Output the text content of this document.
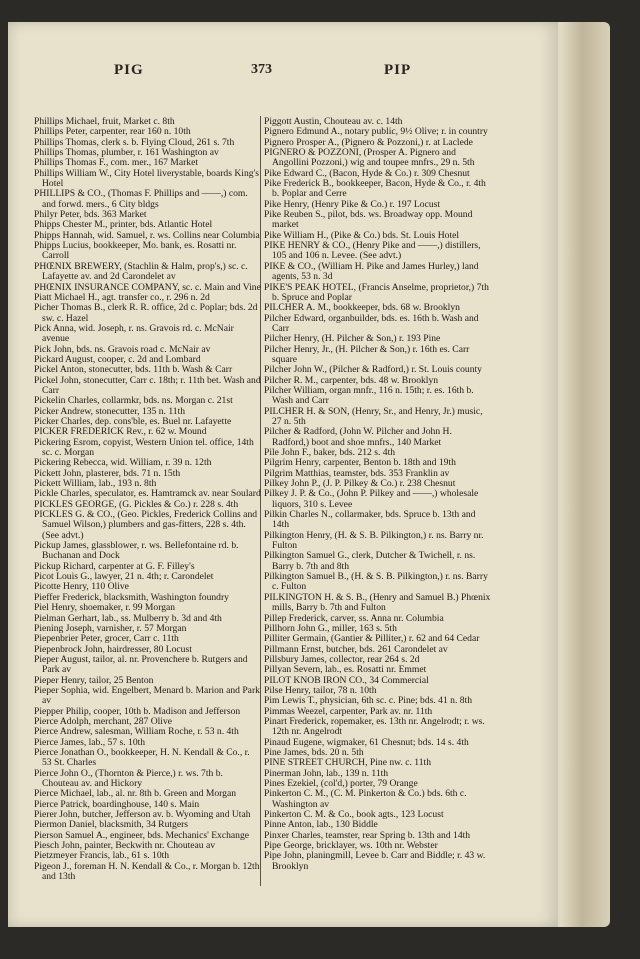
PIG	373	PIP
Phillips Michael, fruit, Market c. 8th
Phillips Peter, carpenter, rear 160 n. 10th
Phillips Thomas, clerk s. b. Flying Cloud, 261 s. 7th
Phillips Thomas, plumber, r. 161 Washington av
Phillips Thomas F., com. mer., 167 Market
Phillips William W., City Hotel liverystable, boards King's Hotel
PHILLIPS & CO., (Thomas F. Phillips and ——,) com. and forwd. mers., 6 City bldgs
Philyr Peter, bds. 363 Market
Phipps Chester M., printer, bds. Atlantic Hotel
Phipps Hannah, wid. Samuel, r. ws. Collins near Columbia
Phipps Lucius, bookkeeper, Mo. bank, es. Rosatti nr. Carroll
PHŒNIX BREWERY, (Stachlin & Halm, prop's,) sc. c. Lafayette av. and 2d Carondelet av
PHŒNIX INSURANCE COMPANY, sc. c. Main and Vine
Piatt Michael H., agt. transfer co., r. 296 n. 2d
Picher Thomas B., clerk R. R. office, 2d c. Poplar; bds. 2d sw. c. Hazel
Pick Anna, wid. Joseph, r. ns. Gravois rd. c. McNair avenue
Pick John, bds. ns. Gravois road c. McNair av
Pickard August, cooper, c. 2d and Lombard
Pickel Anton, stonecutter, bds. 11th b. Wash & Carr
Pickel John, stonecutter, Carr c. 18th; r. 11th bet. Wash and Carr
Pickelin Charles, collarmkr, bds. ns. Morgan c. 21st
Picker Andrew, stonecutter, 135 n. 11th
Picker Charles, dep. cons'ble, es. Buel nr. Lafayette
PICKER FREDERICK Rev., r. 62 w. Mound
Pickering Esrom, copyist, Western Union tel. office, 14th sc. c. Morgan
Pickering Rebecca, wid. William, r. 39 n. 12th
Pickett John, plasterer, bds. 71 n. 15th
Pickett William, lab., 193 n. 8th
Pickle Charles, speculator, es. Hamtramck av. near Soulard
PICKLES GEORGE, (G. Pickles & Co.) r. 228 s. 4th
PICKLES G. & CO., (Geo. Pickles, Frederick Collins and Samuel Wilson,) plumbers and gas-fitters, 228 s. 4th. (See advt.)
Pickup James, glassblower, r. ws. Bellefontaine rd. b. Buchanan and Dock
Pickup Richard, carpenter at G. F. Filley's
Picot Louis G., lawyer, 21 n. 4th; r. Carondelet
Picotte Henry, 110 Olive
Pieffer Frederick, blacksmith, Washington foundry
Piel Henry, shoemaker, r. 99 Morgan
Pielman Gerhart, lab., ss. Mulberry b. 3d and 4th
Piening Joseph, varnisher, r. 57 Morgan
Piepenbrier Peter, grocer, Carr c. 11th
Piepenbrock John, hairdresser, 80 Locust
Pieper August, tailor, al. nr. Provenchere b. Rutgers and Park av
Pieper Henry, tailor, 25 Benton
Pieper Sophia, wid. Engelbert, Menard b. Marion and Park av
Piepper Philip, cooper, 10th b. Madison and Jefferson
Pierce Adolph, merchant, 287 Olive
Pierce Andrew, salesman, William Roche, r. 53 n. 4th
Pierce James, lab., 57 s. 10th
Pierce Jonathan O., bookkeeper, H. N. Kendall & Co., r. 53 St. Charles
Pierce John O., (Thornton & Pierce,) r. ws. 7th b. Chouteau av. and Hickory
Pierce Michael, lab., al. nr. 8th b. Green and Morgan
Pierce Patrick, boardinghouse, 140 s. Main
Pierer John, butcher, Jefferson av. b. Wyoming and Utah
Piermon Daniel, blacksmith, 34 Rutgers
Pierson Samuel A., engineer, bds. Mechanics' Exchange
Piesch John, painter, Beckwith nr. Chouteau av
Pietzmeyer Francis, lab., 61 s. 10th
Pigeon J., foreman H. N. Kendall & Co., r. Morgan b. 12th and 13th
Piggott Austin, Chouteau av. c. 14th
Pignero Edmund A., notary public, 9½ Olive; r. in country
Pignero Prosper A., (Pignero & Pozzoni,) r. at Laclede
PIGNERO & POZZONI, (Prosper A. Pignero and Angollini Pozzoni,) wig and toupee mnfrs., 29 n. 5th
Pike Edward C., (Bacon, Hyde & Co.) r. 309 Chesnut
Pike Frederick B., bookkeeper, Bacon, Hyde & Co., r. 4th b. Poplar and Cerre
Pike Henry, (Henry Pike & Co.) r. 197 Locust
Pike Reuben S., pilot, bds. ws. Broadway opp. Mound market
Pike William H., (Pike & Co.) bds. St. Louis Hotel
PIKE HENRY & CO., (Henry Pike and ——,) distillers, 105 and 106 n. Levee. (See advt.)
PIKE & CO., (William H. Pike and James Hurley,) land agents, 53 n. 3d
PIKE'S PEAK HOTEL, (Francis Anselme, proprietor,) 7th b. Spruce and Poplar
PILCHER A. M., bookkeeper, bds. 68 w. Brooklyn
Pilcher Edward, organbuilder, bds. es. 16th b. Wash and Carr
Pilcher Henry, (H. Pilcher & Son,) r. 193 Pine
Pilcher Henry, Jr., (H. Pilcher & Son,) r. 16th es. Carr square
Pilcher John W., (Pilcher & Radford,) r. St. Louis county
Pilcher R. M., carpenter, bds. 48 w. Brooklyn
Pilcher William, organ mnfr., 116 n. 15th; r. es. 16th b. Wash and Carr
PILCHER H. & SON, (Henry, Sr., and Henry, Jr.) music, 27 n. 5th
Pilcher & Radford, (John W. Pilcher and John H. Radford,) boot and shoe mnfrs., 140 Market
Pile John F., baker, bds. 212 s. 4th
Pilgrim Henry, carpenter, Benton b. 18th and 19th
Pilgrim Matthias, teamster, bds. 353 Franklin av
Pilkey John P., (J. P. Pilkey & Co.) r. 238 Chesnut
Pilkey J. P. & Co., (John P. Pilkey and ——,) wholesale liquors, 310 s. Levee
Pilkin Charles N., collarmaker, bds. Spruce b. 13th and 14th
Pilkington Henry, (H. & S. B. Pilkington,) r. ns. Barry nr. Fulton
Pilkington Samuel G., clerk, Dutcher & Twichell, r. ns. Barry b. 7th and 8th
Pilkington Samuel B., (H. & S. B. Pilkington,) r. ns. Barry c. Fulton
PILKINGTON H. & S. B., (Henry and Samuel B.) Phœnix mills, Barry b. 7th and Fulton
Pillep Frederick, carver, ss. Anna nr. Columbia
Pillhorn John G., miller, 163 s. 5th
Pilliter Germain, (Gantier & Pilliter,) r. 62 and 64 Cedar
Pillmann Ernst, butcher, bds. 261 Carondelet av
Pillsbury James, collector, rear 264 s. 2d
Pillyan Severn, lab., es. Rosatti nr. Emmet
PILOT KNOB IRON CO., 34 Commercial
Pilse Henry, tailor, 78 n. 10th
Pim Lewis T., physician, 6th sc. c. Pine; bds. 41 n. 8th
Pimmas Weezel, carpenter, Park av. nr. 11th
Pinart Frederick, ropemaker, es. 13th nr. Angelrodt; r. ws. 12th nr. Angelrodt
Pinaud Eugene, wigmaker, 61 Chesnut; bds. 14 s. 4th
Pine James, bds. 20 n. 5th
PINE STREET CHURCH, Pine nw. c. 11th
Pinerman John, lab., 139 n. 11th
Pines Ezekiel, (col'd,) porter, 79 Orange
Pinkerton C. M., (C. M. Pinkerton & Co.) bds. 6th c. Washington av
Pinkerton C. M. & Co., book agts., 123 Locust
Pinne Anton, lab., 130 Biddle
Pinxer Charles, teamster, rear Spring b. 13th and 14th
Pipe George, bricklayer, ws. 10th nr. Webster
Pipe John, planingmill, Levee b. Carr and Biddle; r. 43 w. Brooklyn
